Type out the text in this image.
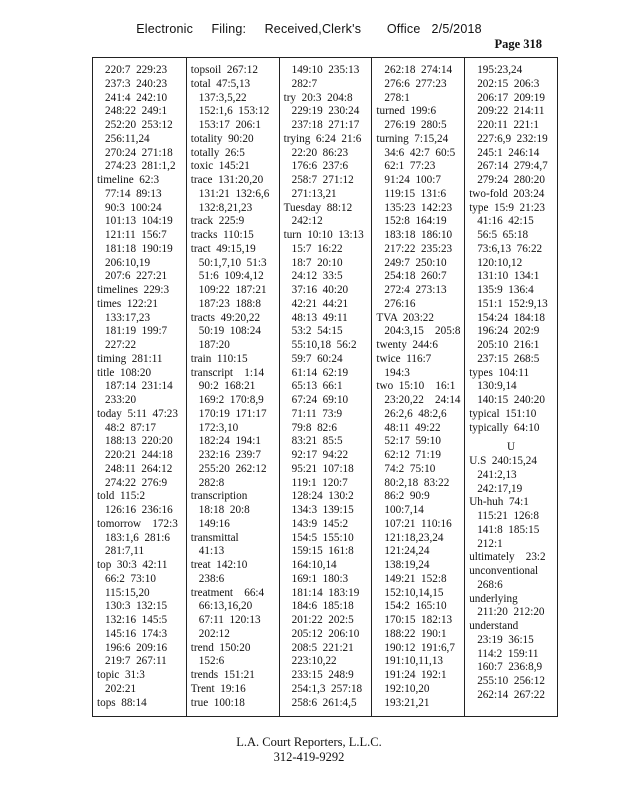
Electronic     Filing:     Received,Clerk's       Office   2/5/2018
Page 318
220:7  229:23
237:3  240:23
241:4  242:10
248:22  249:1
252:20  253:12
256:11,24
270:24  271:18
274:23  281:1,2
timeline  62:3
77:14  89:13
90:3  100:24
101:13  104:19
121:11  156:7
181:18  190:19
206:10,19
207:6  227:21
timelines  229:3
times  122:21
133:17,23
181:19  199:7
227:22
timing  281:11
title  108:20
187:14  231:14
233:20
today  5:11  47:23
48:2  87:17
188:13  220:20
220:21  244:18
248:11  264:12
274:22  276:9
told  115:2
126:16  236:16
tomorrow    172:3
183:1,6  281:6
281:7,11
top  30:3  42:11
66:2  73:10
115:15,20
130:3  132:15
132:16  145:5
145:16  174:3
196:6  209:16
219:7  267:11
topic  31:3
202:21
tops  88:14
topsoil  267:12
total  47:5,13
137:3,5,22
152:1,6  153:12
153:17  206:1
totality  90:20
totally  26:5
toxic  145:21
trace  131:20,20
131:21  132:6,6
132:8,21,23
track  225:9
tracks  110:15
tract  49:15,19
50:1,7,10  51:3
51:6  109:4,12
109:22  187:21
187:23  188:8
tracts  49:20,22
50:19  108:24
187:20
train  110:15
transcript    1:14
90:2  168:21
169:2  170:8,9
170:19  171:17
172:3,10
182:24  194:1
232:16  239:7
255:20  262:12
282:8
transcription
18:18  20:8
149:16
transmittal
41:13
treat  142:10
238:6
treatment    66:4
66:13,16,20
67:11  120:13
202:12
trend  150:20
152:6
trends  151:21
Trent  19:16
true  100:18
149:10  235:13
282:7
try  20:3  204:8
229:19  230:24
237:18  271:17
trying  6:24  21:6
22:20  86:23
176:6  237:6
258:7  271:12
271:13,21
Tuesday  88:12
242:12
turn  10:10  13:13
15:7  16:22
18:7  20:10
24:12  33:5
37:16  40:20
42:21  44:21
48:13  49:11
53:2  54:15
55:10,18  56:2
59:7  60:24
61:14  62:19
65:13  66:1
67:24  69:10
71:11  73:9
79:8  82:6
83:21  85:5
92:17  94:22
95:21  107:18
119:1  120:7
128:24  130:2
134:3  139:15
143:9  145:2
154:5  155:10
159:15  161:8
164:10,14
169:1  180:3
181:14  183:19
184:6  185:18
201:22  202:5
205:12  206:10
208:5  221:21
223:10,22
233:15  248:9
254:1,3  257:18
258:6  261:4,5
262:18  274:14
276:6  277:23
278:1
turned  199:6
276:19  280:5
turning  7:15,24
34:6  42:7  60:5
62:1  77:23
91:24  100:7
119:15  131:6
135:23  142:23
152:8  164:19
183:18  186:10
217:22  235:23
249:7  250:10
254:18  260:7
272:4  273:13
276:16
TVA  203:22
204:3,15    205:8
twenty  244:6
twice  116:7
194:3
two  15:10    16:1
23:20,22    24:14
26:2,6  48:2,6
48:11  49:22
52:17  59:10
62:12  71:19
74:2  75:10
80:2,18  83:22
86:2  90:9
100:7,14
107:21  110:16
121:18,23,24
121:24,24
138:19,24
149:21  152:8
152:10,14,15
154:2  165:10
170:15  182:13
188:22  190:1
190:12  191:6,7
191:10,11,13
191:24  192:1
192:10,20
193:21,21
195:23,24
202:15  206:3
206:17  209:19
209:22  214:11
220:11  221:1
227:6,9  232:19
245:1  246:14
267:14  279:4,7
279:24  280:20
two-fold  203:24
type  15:9  21:23
41:16  42:15
56:5  65:18
73:6,13  76:22
120:10,12
131:10  134:1
135:9  136:4
151:1  152:9,13
154:24  184:18
196:24  202:9
205:10  216:1
237:15  268:5
types  104:11
130:9,14
140:15  240:20
typical  151:10
typically  64:10
U
U.S  240:15,24
241:2,13
242:17,19
Uh-huh  74:1
115:21  126:8
141:8  185:15
212:1
ultimately    23:2
unconventional
268:6
underlying
211:20  212:20
understand
23:19  36:15
114:2  159:11
160:7  236:8,9
255:10  256:12
262:14  267:22
L.A. Court Reporters, L.L.C.
312-419-9292
